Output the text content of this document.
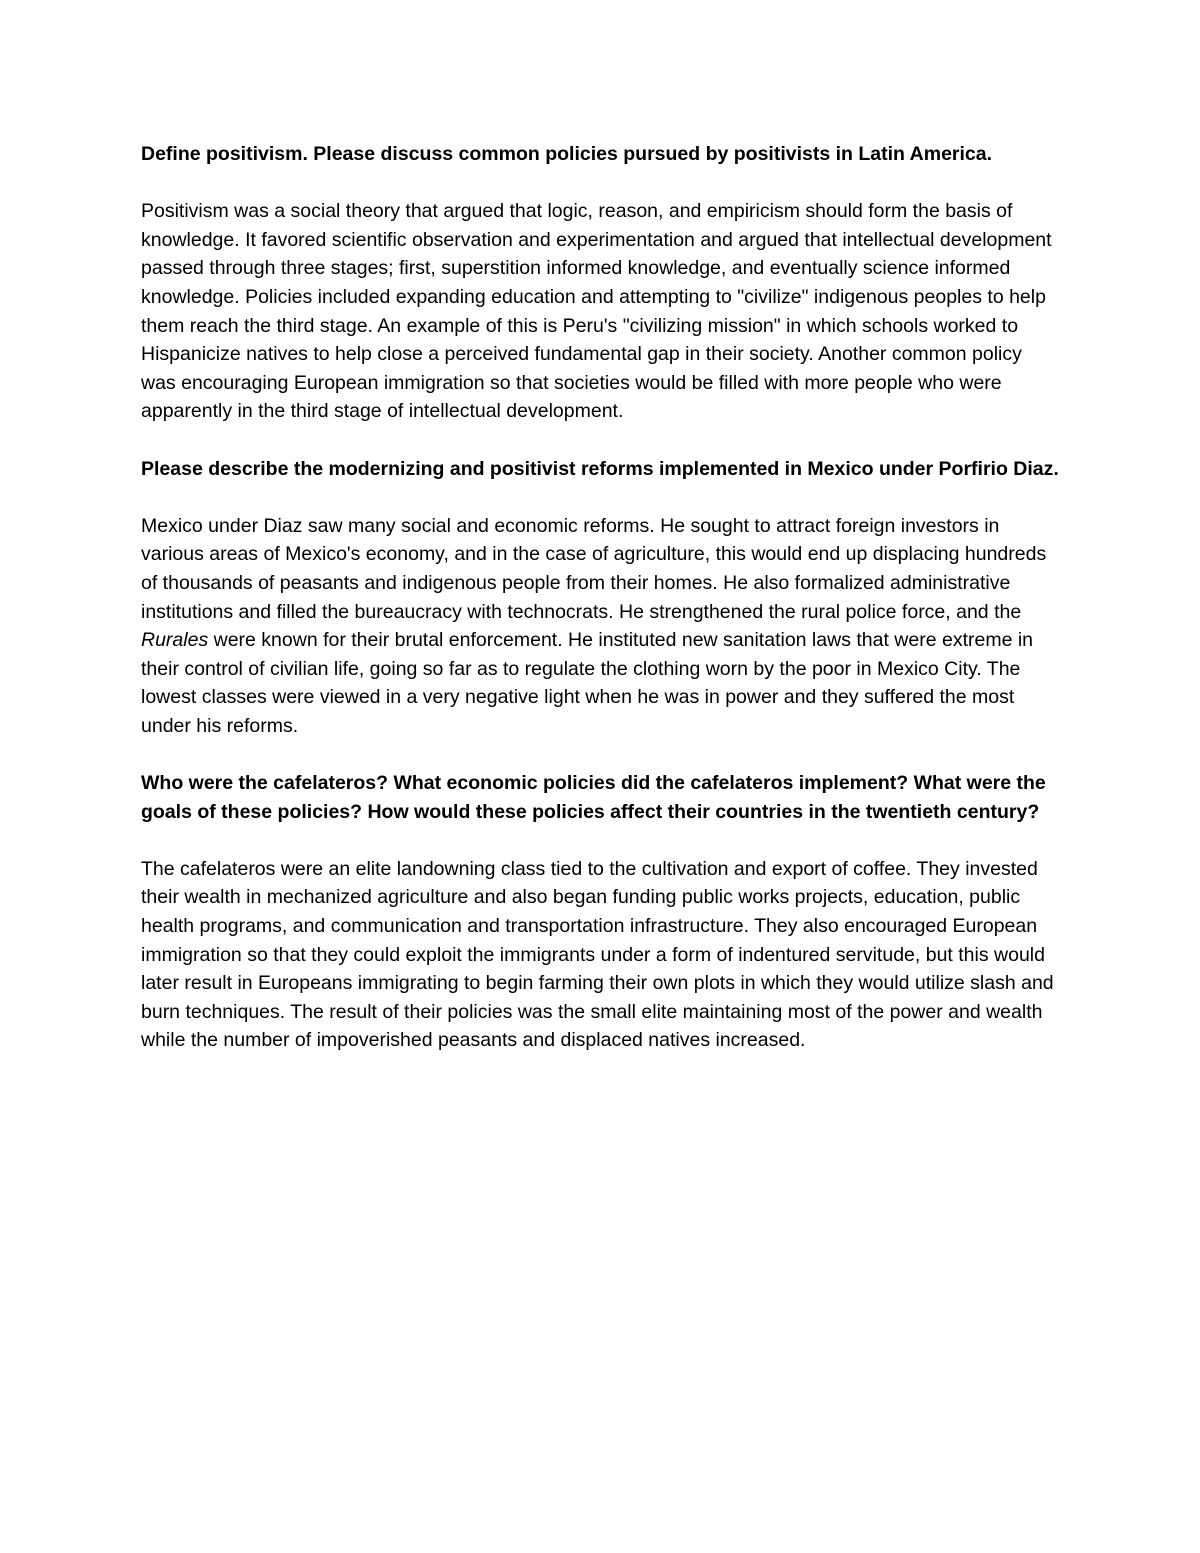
Define positivism. Please discuss common policies pursued by positivists in Latin America.

Positivism was a social theory that argued that logic, reason, and empiricism should form the basis of knowledge. It favored scientific observation and experimentation and argued that intellectual development passed through three stages; first, superstition informed knowledge, and eventually science informed knowledge. Policies included expanding education and attempting to "civilize" indigenous peoples to help them reach the third stage. An example of this is Peru's "civilizing mission" in which schools worked to Hispanicize natives to help close a perceived fundamental gap in their society. Another common policy was encouraging European immigration so that societies would be filled with more people who were apparently in the third stage of intellectual development.

Please describe the modernizing and positivist reforms implemented in Mexico under Porfirio Diaz.

Mexico under Diaz saw many social and economic reforms. He sought to attract foreign investors in various areas of Mexico's economy, and in the case of agriculture, this would end up displacing hundreds of thousands of peasants and indigenous people from their homes. He also formalized administrative institutions and filled the bureaucracy with technocrats. He strengthened the rural police force, and the Rurales were known for their brutal enforcement. He instituted new sanitation laws that were extreme in their control of civilian life, going so far as to regulate the clothing worn by the poor in Mexico City. The lowest classes were viewed in a very negative light when he was in power and they suffered the most under his reforms.

Who were the cafelateros? What economic policies did the cafelateros implement? What were the goals of these policies? How would these policies affect their countries in the twentieth century?

The cafelateros were an elite landowning class tied to the cultivation and export of coffee. They invested their wealth in mechanized agriculture and also began funding public works projects, education, public health programs, and communication and transportation infrastructure. They also encouraged European immigration so that they could exploit the immigrants under a form of indentured servitude, but this would later result in Europeans immigrating to begin farming their own plots in which they would utilize slash and burn techniques. The result of their policies was the small elite maintaining most of the power and wealth while the number of impoverished peasants and displaced natives increased.
